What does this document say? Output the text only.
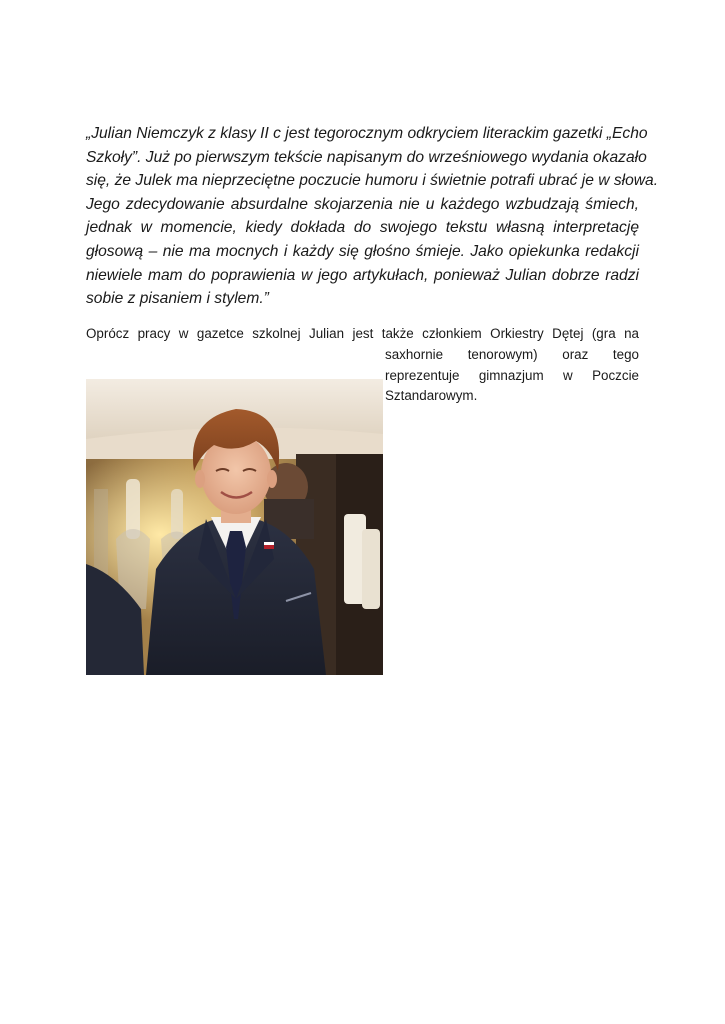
„Julian Niemczyk z klasy II c jest tegorocznym odkryciem literackim gazetki „Echo
Szkoły”. Już po pierwszym tekście napisanym do wrześniowego wydania okazało
się, że Julek ma nieprzeciętne poczucie humoru i świetnie potrafi ubrać je w słowa.
Jego zdecydowanie absurdalne skojarzenia nie u każdego wzbudzają śmiech,
jednak w momencie, kiedy dokłada do swojego tekstu własną interpretację
głosową – nie ma mocnych i każdy się głośno śmieje. Jako opiekunka redakcji
niewiele mam do poprawienia w jego artykułach, ponieważ Julian dobrze radzi
sobie z pisaniem i stylem.”
Oprócz pracy w gazetce szkolnej Julian jest także członkiem Orkiestry Dętej (gra na
saxhornie tenorowym) oraz tego
reprezentuje gimnazjum w Poczcie
Sztandarowym.
